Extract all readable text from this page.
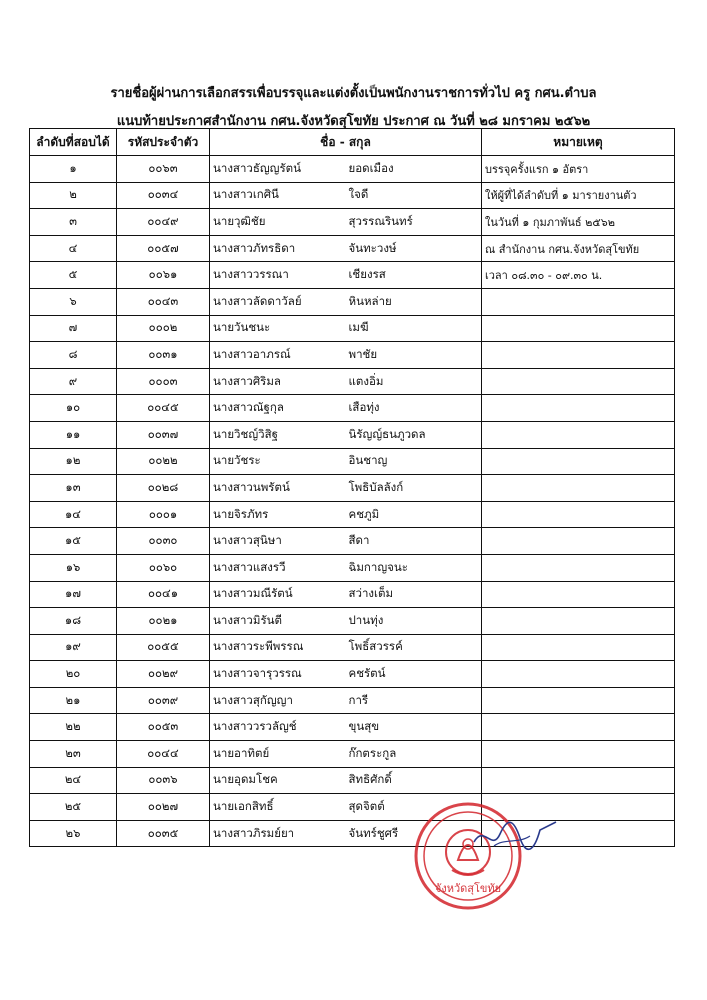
รายชื่อผู้ผ่านการเลือกสรรเพื่อบรรจุและแต่งตั้งเป็นพนักงานราชการทั่วไป ครู กศน.ตำบล
แนบท้ายประกาศสำนักงาน กศน.จังหวัดสุโขทัย ประกาศ ณ วันที่ ๒๘ มกราคม ๒๕๖๒
ลำดับที่สอบได้	รหัสประจำตัว	ชื่อ - สกุล		หมายเหตุ
๑	๐๐๖๓	นางสาวธัญญรัตน์	ยอดเมือง	บรรจุครั้งแรก ๑ อัตรา
๒	๐๐๓๔	นางสาวเกศินี	ใจดี	ให้ผู้ที่ได้ลำดับที่ ๑ มารายงานตัว
๓	๐๐๔๙	นายวุฒิชัย	สุวรรณรินทร์	ในวันที่ ๑ กุมภาพันธ์ ๒๕๖๒
๔	๐๐๕๗	นางสาวภัทรธิดา	จันทะวงษ์	ณ สำนักงาน กศน.จังหวัดสุโขทัย
๕	๐๐๖๑	นางสาววรรณา	เชียงรส	เวลา ๐๘.๓๐ - ๐๙.๓๐ น.
๖	๐๐๔๓	นางสาวลัดดาวัลย์	หินหล่าย	
๗	๐๐๐๒	นายวันชนะ	เมฆี	
๘	๐๐๓๑	นางสาวอาภรณ์	พาชัย	
๙	๐๐๐๓	นางสาวศิริมล	แตงอิ่ม	
๑๐	๐๐๔๕	นางสาวณัฐกุล	เสือทุ่ง	
๑๑	๐๐๓๗	นายวิชญ์วิสิฐ	นิรัญญ์ธนภูวดล	
๑๒	๐๐๒๒	นายวัชระ	อินชาญ	
๑๓	๐๐๒๘	นางสาวนพรัตน์	โพธิบัลลังก์	
๑๔	๐๐๐๑	นายจิรภัทร	คชภูมิ	
๑๕	๐๐๓๐	นางสาวสุนิษา	สีดา	
๑๖	๐๐๖๐	นางสาวแสงรวี	ฉิมกาญจนะ	
๑๗	๐๐๔๑	นางสาวมณีรัตน์	สว่างเต็ม	
๑๘	๐๐๒๑	นางสาวมิรันตี	ปานทุ่ง	
๑๙	๐๐๕๕	นางสาวระพีพรรณ	โพธิ์สวรรค์	
๒๐	๐๐๒๙	นางสาวจารุวรรณ	คชรัตน์	
๒๑	๐๐๓๙	นางสาวสุกัญญา	การี	
๒๒	๐๐๕๓	นางสาววรวลัญช์	ขุนสุข	
๒๓	๐๐๔๔	นายอาทิตย์	ก๊กตระกูล	
๒๔	๐๐๓๖	นายอุดมโชค	สิทธิศักดิ์	
๒๕	๐๐๒๗	นายเอกสิทธิ์	สุดจิตต์	
๒๖	๐๐๓๕	นางสาวภิรมย์ยา	จันทร์ชูศรี	
จังหวัดสุโขทัย
